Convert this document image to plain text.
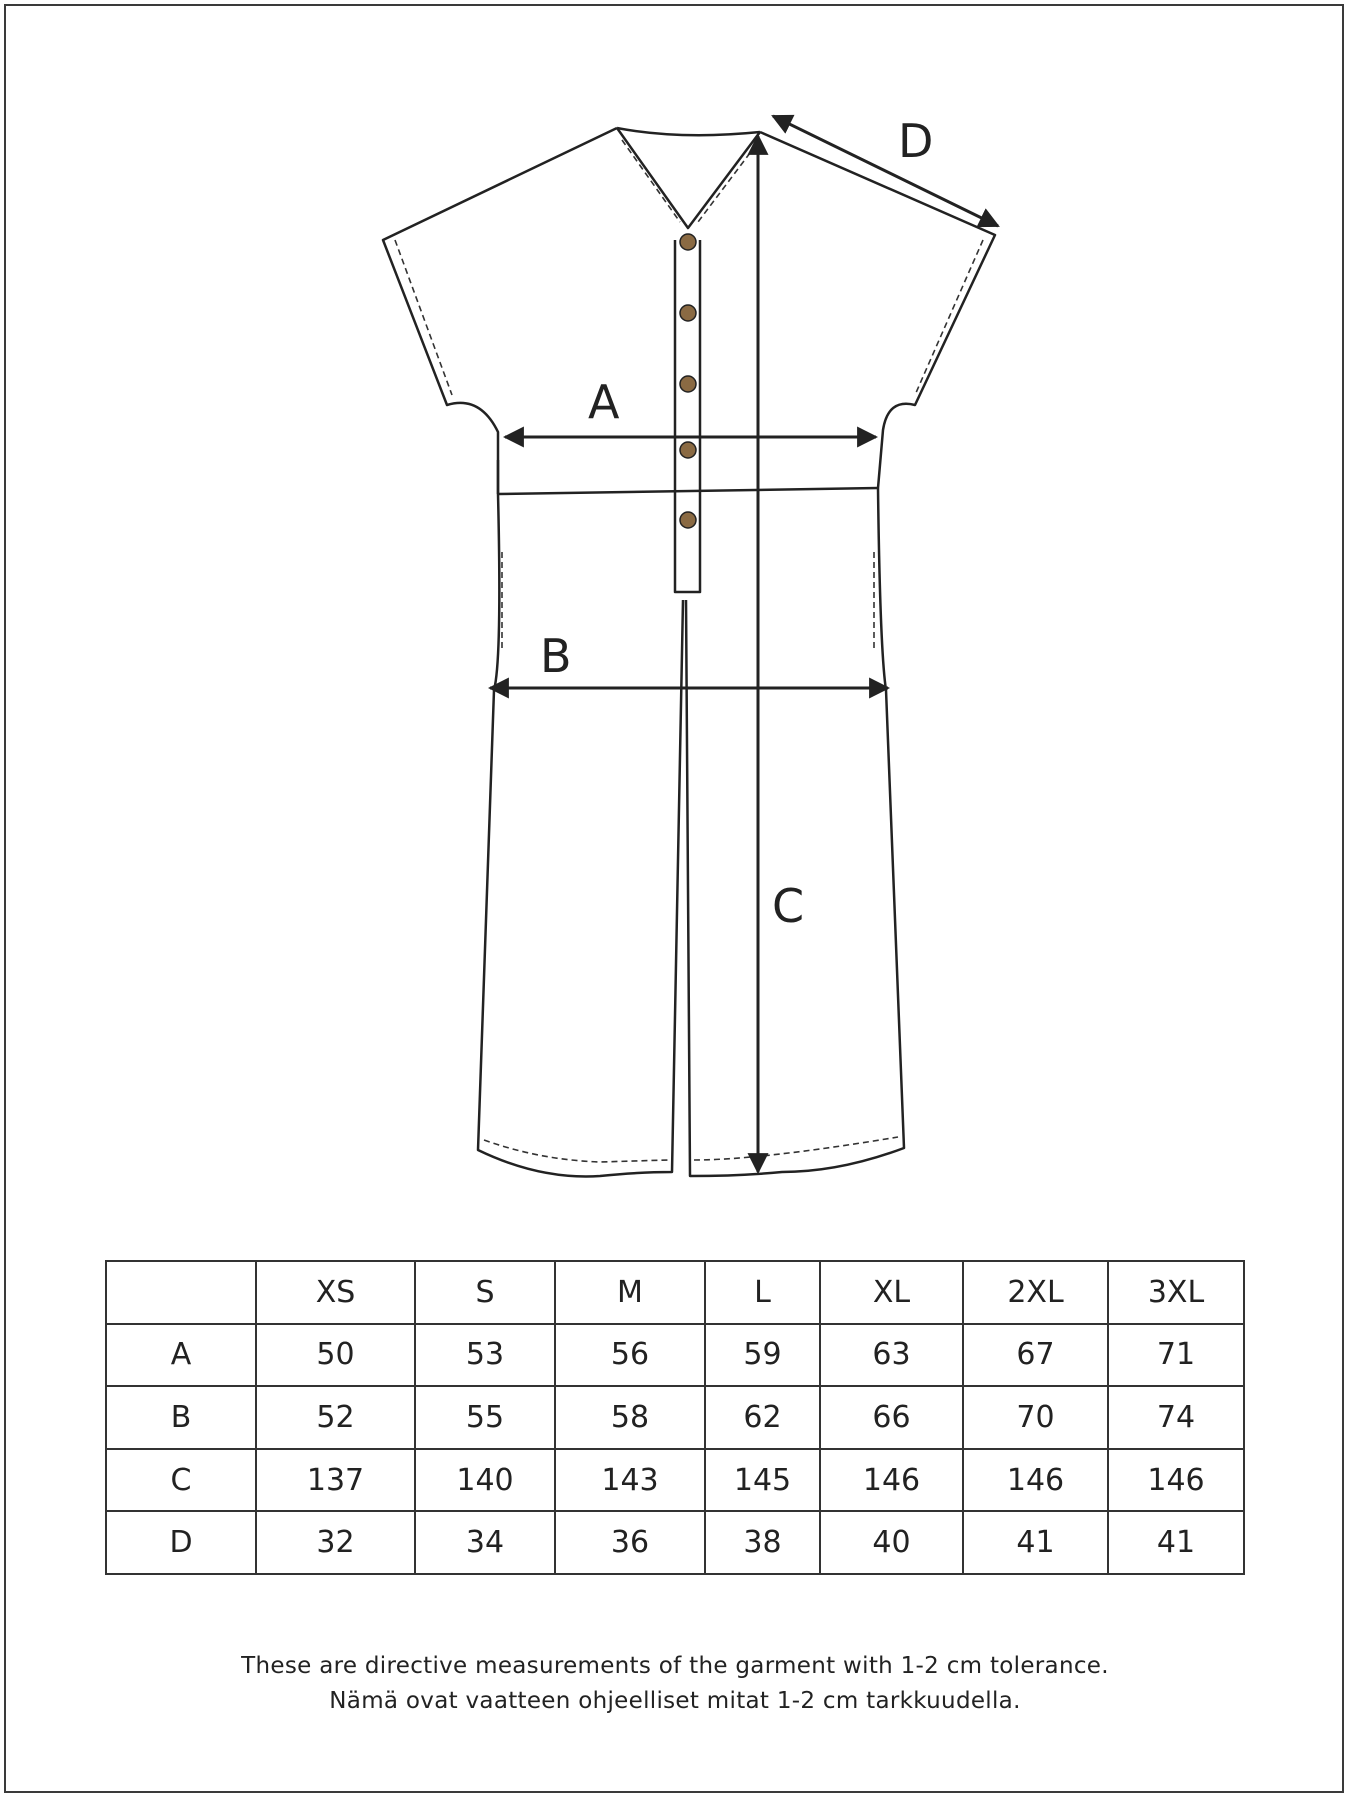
A
B
C
D
	XS	S	M	L	XL	2XL	3XL
A	50	53	56	59	63	67	71
B	52	55	58	62	66	70	74
C	137	140	143	145	146	146	146
D	32	34	36	38	40	41	41
These are directive measurements of the garment with 1-2 cm tolerance.
Nämä ovat vaatteen ohjeelliset mitat 1-2 cm tarkkuudella.
